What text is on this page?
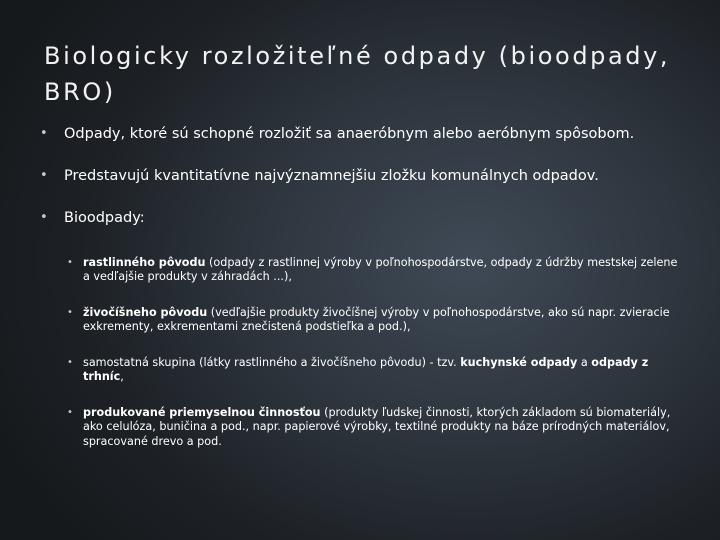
Biologicky rozložiteľné odpady (bioodpady, BRO)
• Odpady, ktoré sú schopné rozložiť sa anaeróbnym alebo aeróbnym spôsobom.
• Predstavujú kvantitatívne najvýznamnejšiu zložku komunálnych odpadov.
• Bioodpady:
• rastlinného pôvodu (odpady z rastlinnej výroby v poľnohospodárstve, odpady z údržby mestskej zelene a vedľajšie produkty v záhradách ...),
• živočíšneho pôvodu (vedľajšie produkty živočíšnej výroby v poľnohospodárstve, ako sú napr. zvieracie exkrementy, exkrementami znečistená podstieľka a pod.),
• samostatná skupina (látky rastlinného a živočíšneho pôvodu) - tzv. kuchynské odpady a odpady z trhníc,
• produkované priemyselnou činnosťou (produkty ľudskej činnosti, ktorých základom sú biomateriály, ako celulóza, buničina a pod., napr. papierové výrobky, textilné produkty na báze prírodných materiálov, spracované drevo a pod.
